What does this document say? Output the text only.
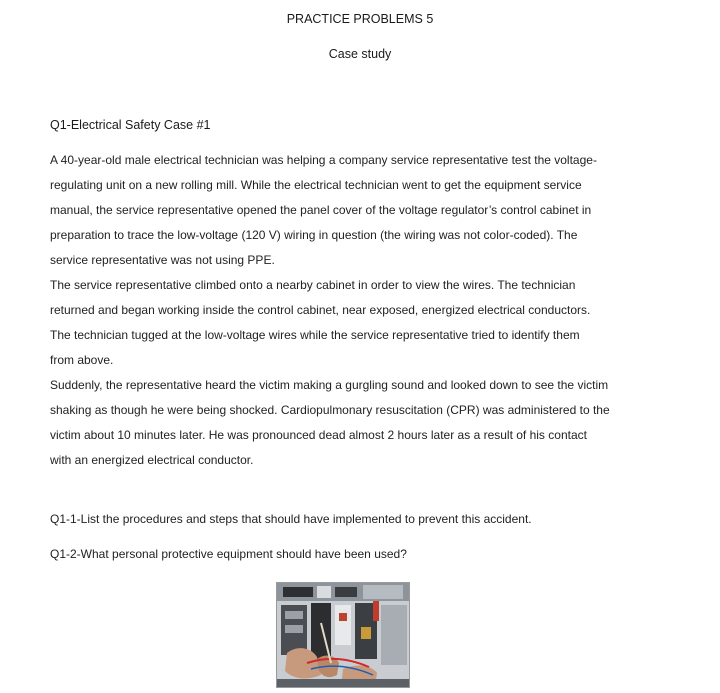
PRACTICE PROBLEMS 5
Case study
Q1-Electrical Safety Case #1

A 40-year-old male electrical technician was helping a company service representative test the voltage-

regulating unit on a new rolling mill. While the electrical technician went to get the equipment service

manual, the service representative opened the panel cover of the voltage regulator’s control cabinet in

preparation to trace the low-voltage (120 V) wiring in question (the wiring was not color-coded). The

service representative was not using PPE.

The service representative climbed onto a nearby cabinet in order to view the wires. The technician

returned and began working inside the control cabinet, near exposed, energized electrical conductors.

The technician tugged at the low-voltage wires while the service representative tried to identify them

from above.

Suddenly, the representative heard the victim making a gurgling sound and looked down to see the victim

shaking as though he were being shocked. Cardiopulmonary resuscitation (CPR) was administered to the

victim about 10 minutes later. He was pronounced dead almost 2 hours later as a result of his contact

with an energized electrical conductor.

Q1-1-List the procedures and steps that should have implemented to prevent this accident.
Q1-2-What personal protective equipment should have been used?
